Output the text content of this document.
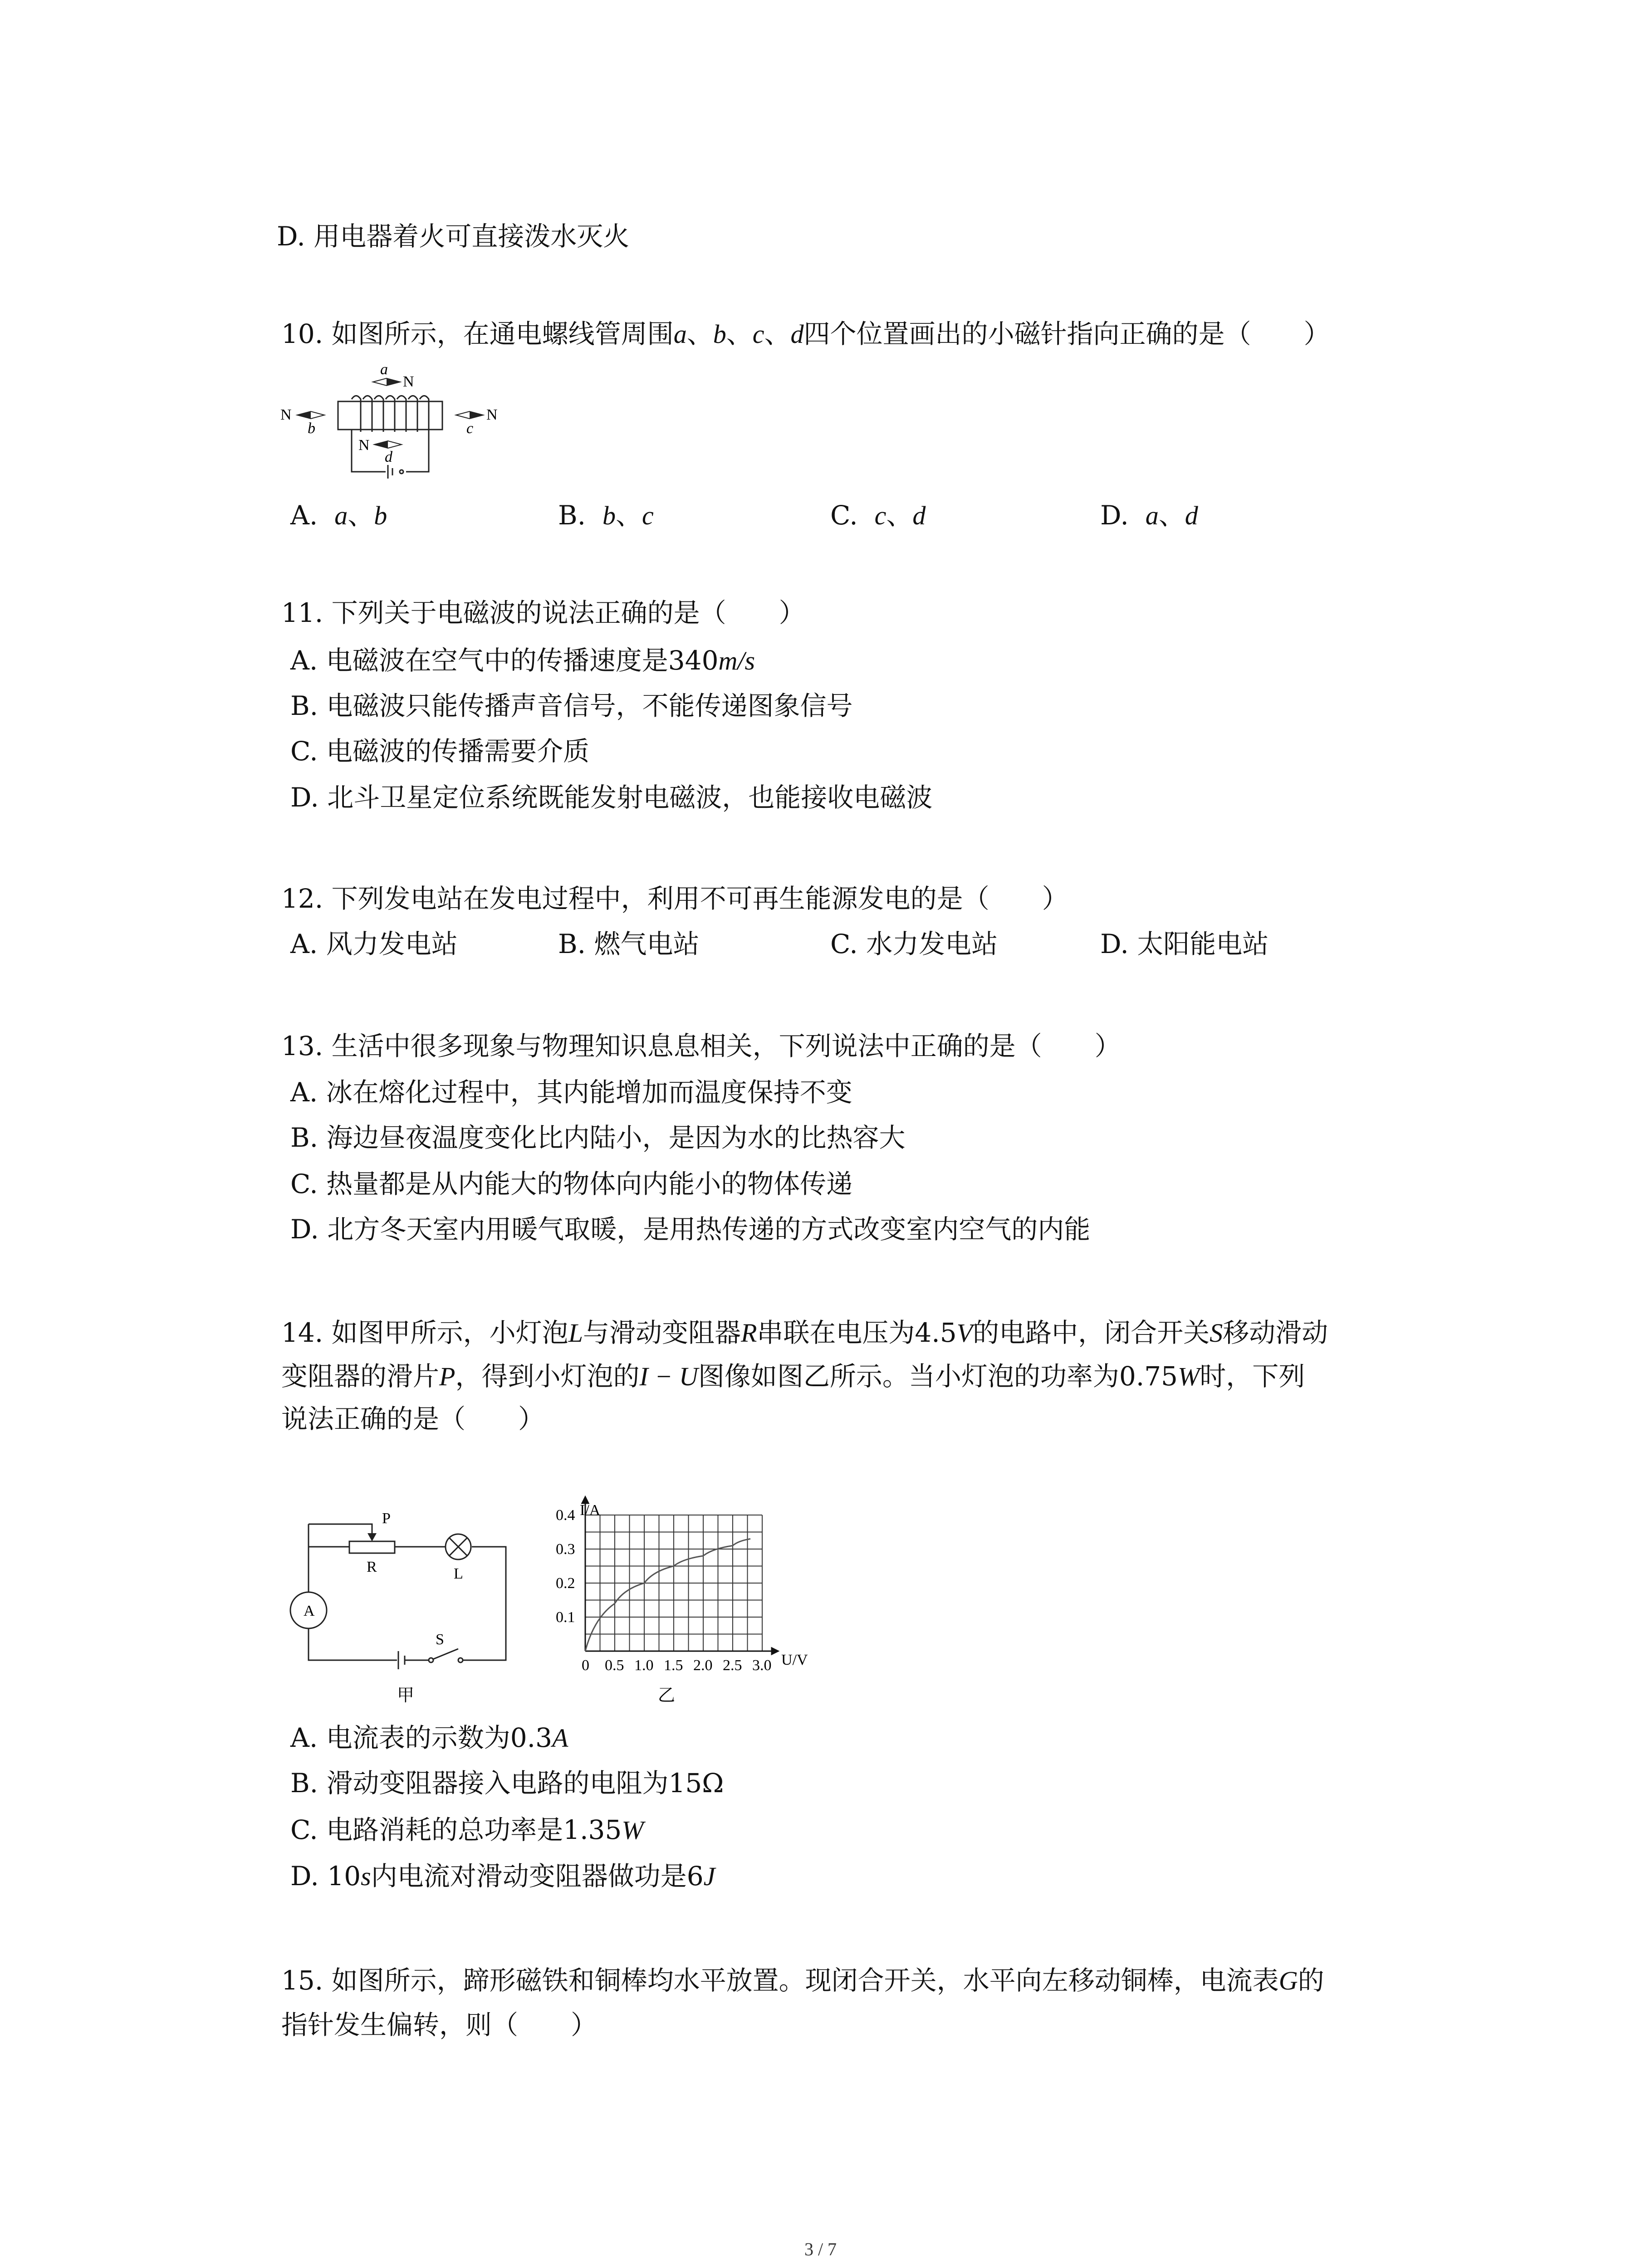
D. 用电器着火可直接泼水灭火
10. 如图所示，在通电螺线管周围a、b、c、d四个位置画出的小磁针指向正确的是（　　）
a
N
N
b
N
c
N
d
A. a、b	B. b、c	C. c、d	D. a、d
11. 下列关于电磁波的说法正确的是（　　）
A. 电磁波在空气中的传播速度是340m/s
B. 电磁波只能传播声音信号，不能传递图象信号
C. 电磁波的传播需要介质
D. 北斗卫星定位系统既能发射电磁波，也能接收电磁波
12. 下列发电站在发电过程中，利用不可再生能源发电的是（　　）
A. 风力发电站	B. 燃气电站	C. 水力发电站	D. 太阳能电站
13. 生活中很多现象与物理知识息息相关，下列说法中正确的是（　　）
A. 冰在熔化过程中，其内能增加而温度保持不变
B. 海边昼夜温度变化比内陆小，是因为水的比热容大
C. 热量都是从内能大的物体向内能小的物体传递
D. 北方冬天室内用暖气取暖，是用热传递的方式改变室内空气的内能
14. 如图甲所示，小灯泡L与滑动变阻器R串联在电压为4.5V的电路中，闭合开关S移动滑动
变阻器的滑片P，得到小灯泡的I − U图像如图乙所示。当小灯泡的功率为0.75W时，下列
说法正确的是（　　）
P
R	L
A
S
甲
0.4
0.3
0.2
0.1
0 0.5 1.0 1.5 2.0 2.5 3.0
I/A
U/V
乙
A. 电流表的示数为0.3A
B. 滑动变阻器接入电路的电阻为15Ω
C. 电路消耗的总功率是1.35W
D. 10s内电流对滑动变阻器做功是6J
15. 如图所示，蹄形磁铁和铜棒均水平放置。现闭合开关，水平向左移动铜棒，电流表G的
指针发生偏转，则（　　）
3 / 7
